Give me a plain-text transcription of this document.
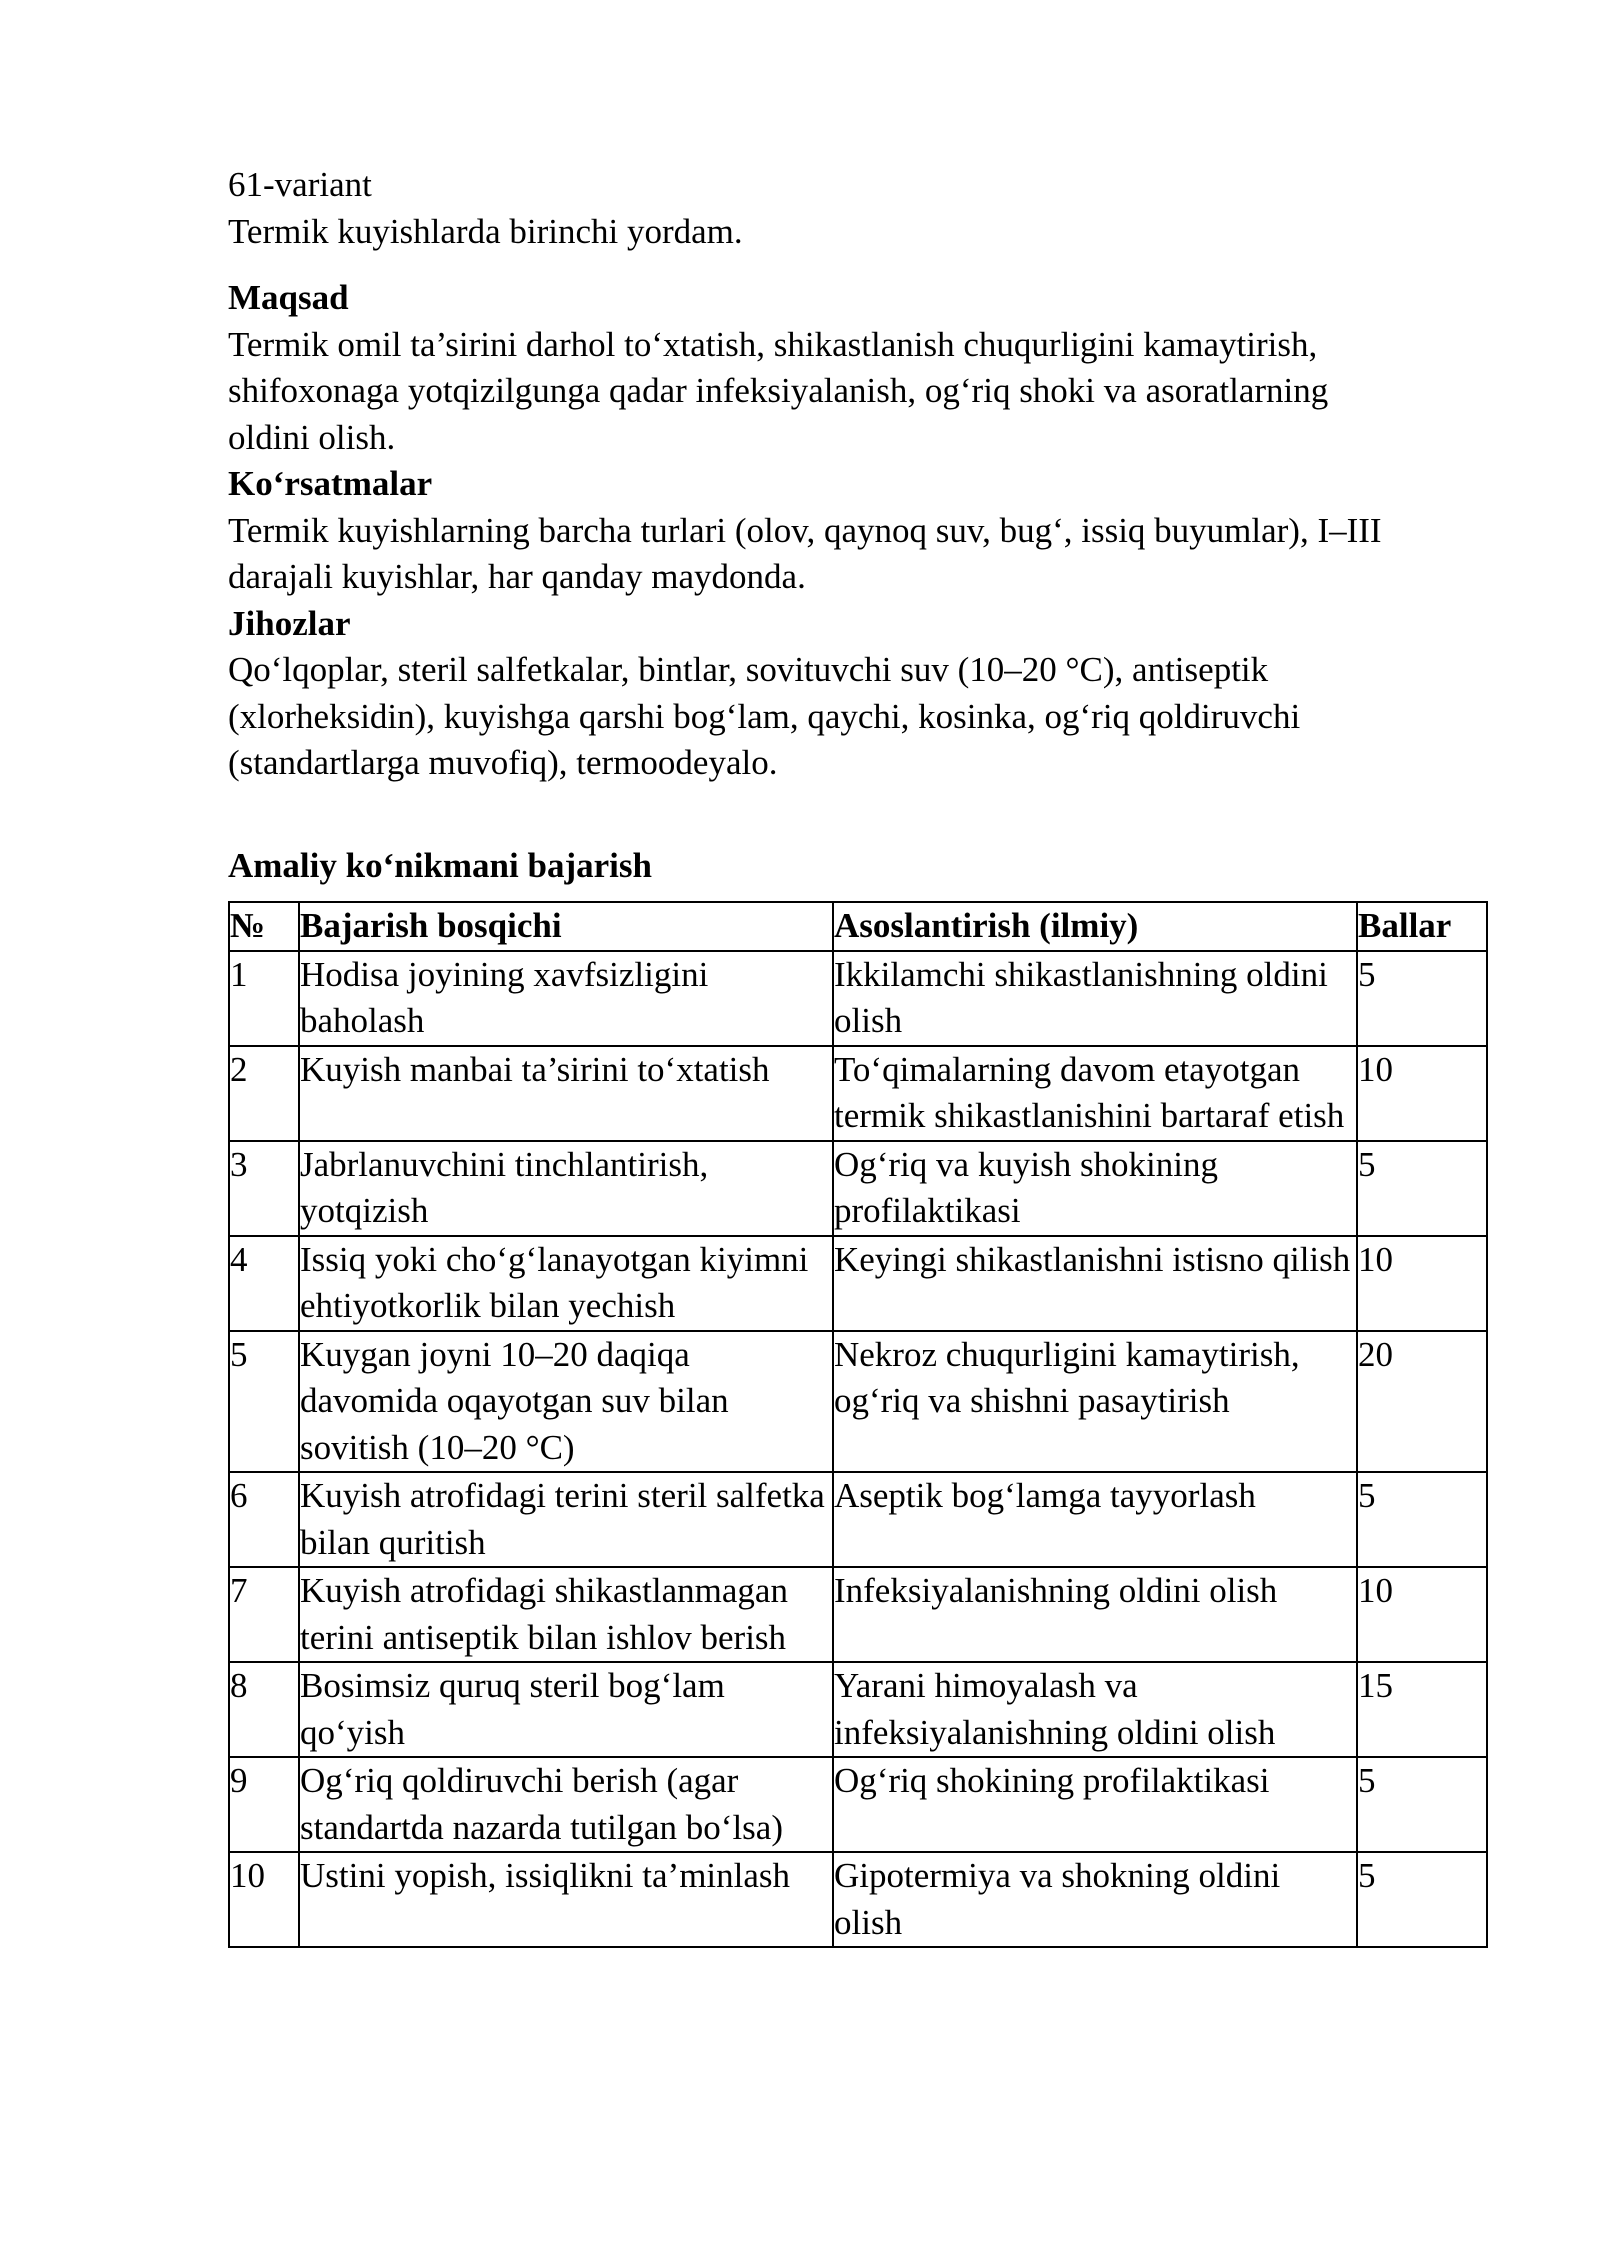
61-variant

Termik kuyishlarda birinchi yordam.

Maqsad

Termik omil ta’sirini darhol to‘xtatish, shikastlanish chuqurligini kamaytirish, shifoxonaga yotqizilgunga qadar infeksiyalanish, og‘riq shoki va asoratlarning oldini olish.

Ko‘rsatmalar

Termik kuyishlarning barcha turlari (olov, qaynoq suv, bug‘, issiq buyumlar), I–III darajali kuyishlar, har qanday maydonda.

Jihozlar

Qo‘lqoplar, steril salfetkalar, bintlar, sovituvchi suv (10–20 °C), antiseptik (xlorheksidin), kuyishga qarshi bog‘lam, qaychi, kosinka, og‘riq qoldiruvchi (standartlarga muvofiq), termoodeyalo.

Amaliy ko‘nikmani bajarish

№	Bajarish bosqichi	Asoslantirish (ilmiy)	Ballar
1	Hodisa joyining xavfsizligini baholash	Ikkilamchi shikastlanishning oldini olish	5
2	Kuyish manbai ta’sirini to‘xtatish	To‘qimalarning davom etayotgan termik shikastlanishini bartaraf etish	10
3	Jabrlanuvchini tinchlantirish, yotqizish	Og‘riq va kuyish shokining profilaktikasi	5
4	Issiq yoki cho‘g‘lanayotgan kiyimni ehtiyotkorlik bilan yechish	Keyingi shikastlanishni istisno qilish	10
5	Kuygan joyni 10–20 daqiqa davomida oqayotgan suv bilan sovitish (10–20 °C)	Nekroz chuqurligini kamaytirish, og‘riq va shishni pasaytirish	20
6	Kuyish atrofidagi terini steril salfetka bilan quritish	Aseptik bog‘lamga tayyorlash	5
7	Kuyish atrofidagi shikastlanmagan terini antiseptik bilan ishlov berish	Infeksiyalanishning oldini olish	10
8	Bosimsiz quruq steril bog‘lam qo‘yish	Yarani himoyalash va infeksiyalanishning oldini olish	15
9	Og‘riq qoldiruvchi berish (agar standartda nazarda tutilgan bo‘lsa)	Og‘riq shokining profilaktikasi	5
10	Ustini yopish, issiqlikni ta’minlash	Gipotermiya va shokning oldini olish	5
